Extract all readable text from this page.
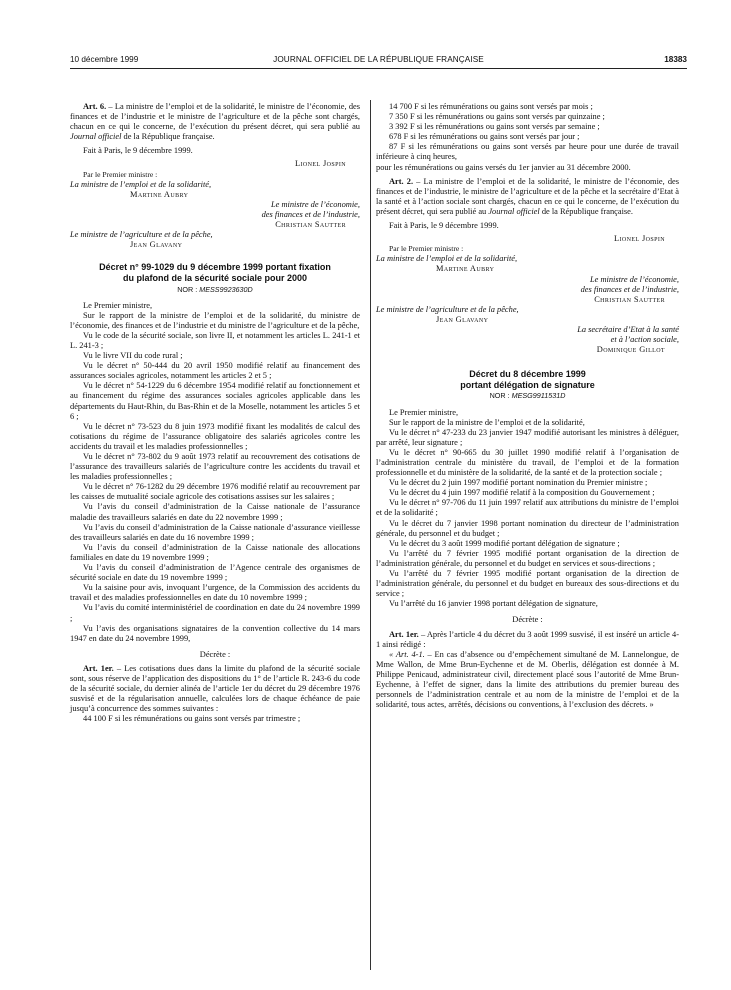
10 décembre 1999	JOURNAL OFFICIEL DE LA RÉPUBLIQUE FRANÇAISE	18383

Art. 6. – La ministre de l’emploi et de la solidarité, le ministre de l’économie, des finances et de l’industrie et le ministre de l’agriculture et de la pêche sont chargés, chacun en ce qui le concerne, de l’exécution du présent décret, qui sera publié au Journal officiel de la République française.

Fait à Paris, le 9 décembre 1999.

Lionel Jospin

Par le Premier ministre :

La ministre de l’emploi et de la solidarité,

Martine Aubry

Le ministre de l’économie,

des finances et de l’industrie,

Christian Sautter

Le ministre de l’agriculture et de la pêche,

Jean Glavany

Décret n° 99-1029 du 9 décembre 1999 portant fixation
du plafond de la sécurité sociale pour 2000

NOR : MESS9923630D

Le Premier ministre,

Sur le rapport de la ministre de l’emploi et de la solidarité, du ministre de l’économie, des finances et de l’industrie et du ministre de l’agriculture et de la pêche,

Vu le code de la sécurité sociale, son livre II, et notamment les articles L. 241-1 et L. 241-3 ;

Vu le livre VII du code rural ;

Vu le décret n° 50-444 du 20 avril 1950 modifié relatif au financement des assurances sociales agricoles, notamment les articles 2 et 5 ;

Vu le décret n° 54-1229 du 6 décembre 1954 modifié relatif au fonctionnement et au financement du régime des assurances sociales agricoles applicable dans les départements du Haut-Rhin, du Bas-Rhin et de la Moselle, notamment les articles 5 et 6 ;

Vu le décret n° 73-523 du 8 juin 1973 modifié fixant les modalités de calcul des cotisations du régime de l’assurance obligatoire des salariés agricoles contre les accidents du travail et les maladies professionnelles ;

Vu le décret n° 73-802 du 9 août 1973 relatif au recouvrement des cotisations de l’assurance des travailleurs salariés de l’agriculture contre les accidents du travail et les maladies professionnelles ;

Vu le décret n° 76-1282 du 29 décembre 1976 modifié relatif au recouvrement par les caisses de mutualité sociale agricole des cotisations assises sur les salaires ;

Vu l’avis du conseil d’administration de la Caisse nationale de l’assurance maladie des travailleurs salariés en date du 22 novembre 1999 ;

Vu l’avis du conseil d’administration de la Caisse nationale d’assurance vieillesse des travailleurs salariés en date du 16 novembre 1999 ;

Vu l’avis du conseil d’administration de la Caisse nationale des allocations familiales en date du 19 novembre 1999 ;

Vu l’avis du conseil d’administration de l’Agence centrale des organismes de sécurité sociale en date du 19 novembre 1999 ;

Vu la saisine pour avis, invoquant l’urgence, de la Commission des accidents du travail et des maladies professionnelles en date du 10 novembre 1999 ;

Vu l’avis du comité interministériel de coordination en date du 24 novembre 1999 ;

Vu l’avis des organisations signataires de la convention collective du 14 mars 1947 en date du 24 novembre 1999,

Décrète :

Art. 1er. – Les cotisations dues dans la limite du plafond de la sécurité sociale sont, sous réserve de l’application des dispositions du 1° de l’article R. 243-6 du code de la sécurité sociale, du dernier alinéa de l’article 1er du décret du 29 décembre 1976 susvisé et de la régularisation annuelle, calculées lors de chaque échéance de paie jusqu’à concurrence des sommes suivantes :

44 100 F si les rémunérations ou gains sont versés par trimestre ;

14 700 F si les rémunérations ou gains sont versés par mois ;

7 350 F si les rémunérations ou gains sont versés par quinzaine ;

3 392 F si les rémunérations ou gains sont versés par semaine ;

678 F si les rémunérations ou gains sont versés par jour ;

87 F si les rémunérations ou gains sont versés par heure pour une durée de travail inférieure à cinq heures,

pour les rémunérations ou gains versés du 1er janvier au 31 décembre 2000.

Art. 2. – La ministre de l’emploi et de la solidarité, le ministre de l’économie, des finances et de l’industrie, le ministre de l’agriculture et de la pêche et la secrétaire d’Etat à la santé et à l’action sociale sont chargés, chacun en ce qui le concerne, de l’exécution du présent décret, qui sera publié au Journal officiel de la République française.

Fait à Paris, le 9 décembre 1999.

Lionel Jospin

Par le Premier ministre :

La ministre de l’emploi et de la solidarité,

Martine Aubry

Le ministre de l’économie,

des finances et de l’industrie,

Christian Sautter

Le ministre de l’agriculture et de la pêche,

Jean Glavany

La secrétaire d’Etat à la santé

et à l’action sociale,

Dominique Gillot

Décret du 8 décembre 1999
portant délégation de signature

NOR : MESG9911531D

Le Premier ministre,

Sur le rapport de la ministre de l’emploi et de la solidarité,

Vu le décret n° 47-233 du 23 janvier 1947 modifié autorisant les ministres à déléguer, par arrêté, leur signature ;

Vu le décret n° 90-665 du 30 juillet 1990 modifié relatif à l’organisation de l’administration centrale du ministère du travail, de l’emploi et de la formation professionnelle et du ministère de la solidarité, de la santé et de la protection sociale ;

Vu le décret du 2 juin 1997 modifié portant nomination du Premier ministre ;

Vu le décret du 4 juin 1997 modifié relatif à la composition du Gouvernement ;

Vu le décret n° 97-706 du 11 juin 1997 relatif aux attributions du ministre de l’emploi et de la solidarité ;

Vu le décret du 7 janvier 1998 portant nomination du directeur de l’administration générale, du personnel et du budget ;

Vu le décret du 3 août 1999 modifié portant délégation de signature ;

Vu l’arrêté du 7 février 1995 modifié portant organisation de la direction de l’administration générale, du personnel et du budget en services et sous-directions ;

Vu l’arrêté du 7 février 1995 modifié portant organisation de la direction de l’administration générale, du personnel et du budget en bureaux des sous-directions et du service ;

Vu l’arrêté du 16 janvier 1998 portant délégation de signature,

Décrète :

Art. 1er. – Après l’article 4 du décret du 3 août 1999 susvisé, il est inséré un article 4-1 ainsi rédigé :

« Art. 4-1. – En cas d’absence ou d’empêchement simultané de M. Lannelongue, de Mme Wallon, de Mme Brun-Eychenne et de M. Oberlis, délégation est donnée à M. Philippe Penicaud, administrateur civil, directement placé sous l’autorité de Mme Brun-Eychenne, à l’effet de signer, dans la limite des attributions du premier bureau des personnels de l’administration centrale et au nom de la ministre de l’emploi et de la solidarité, tous actes, arrêtés, décisions ou conventions, à l’exclusion des décrets. »
